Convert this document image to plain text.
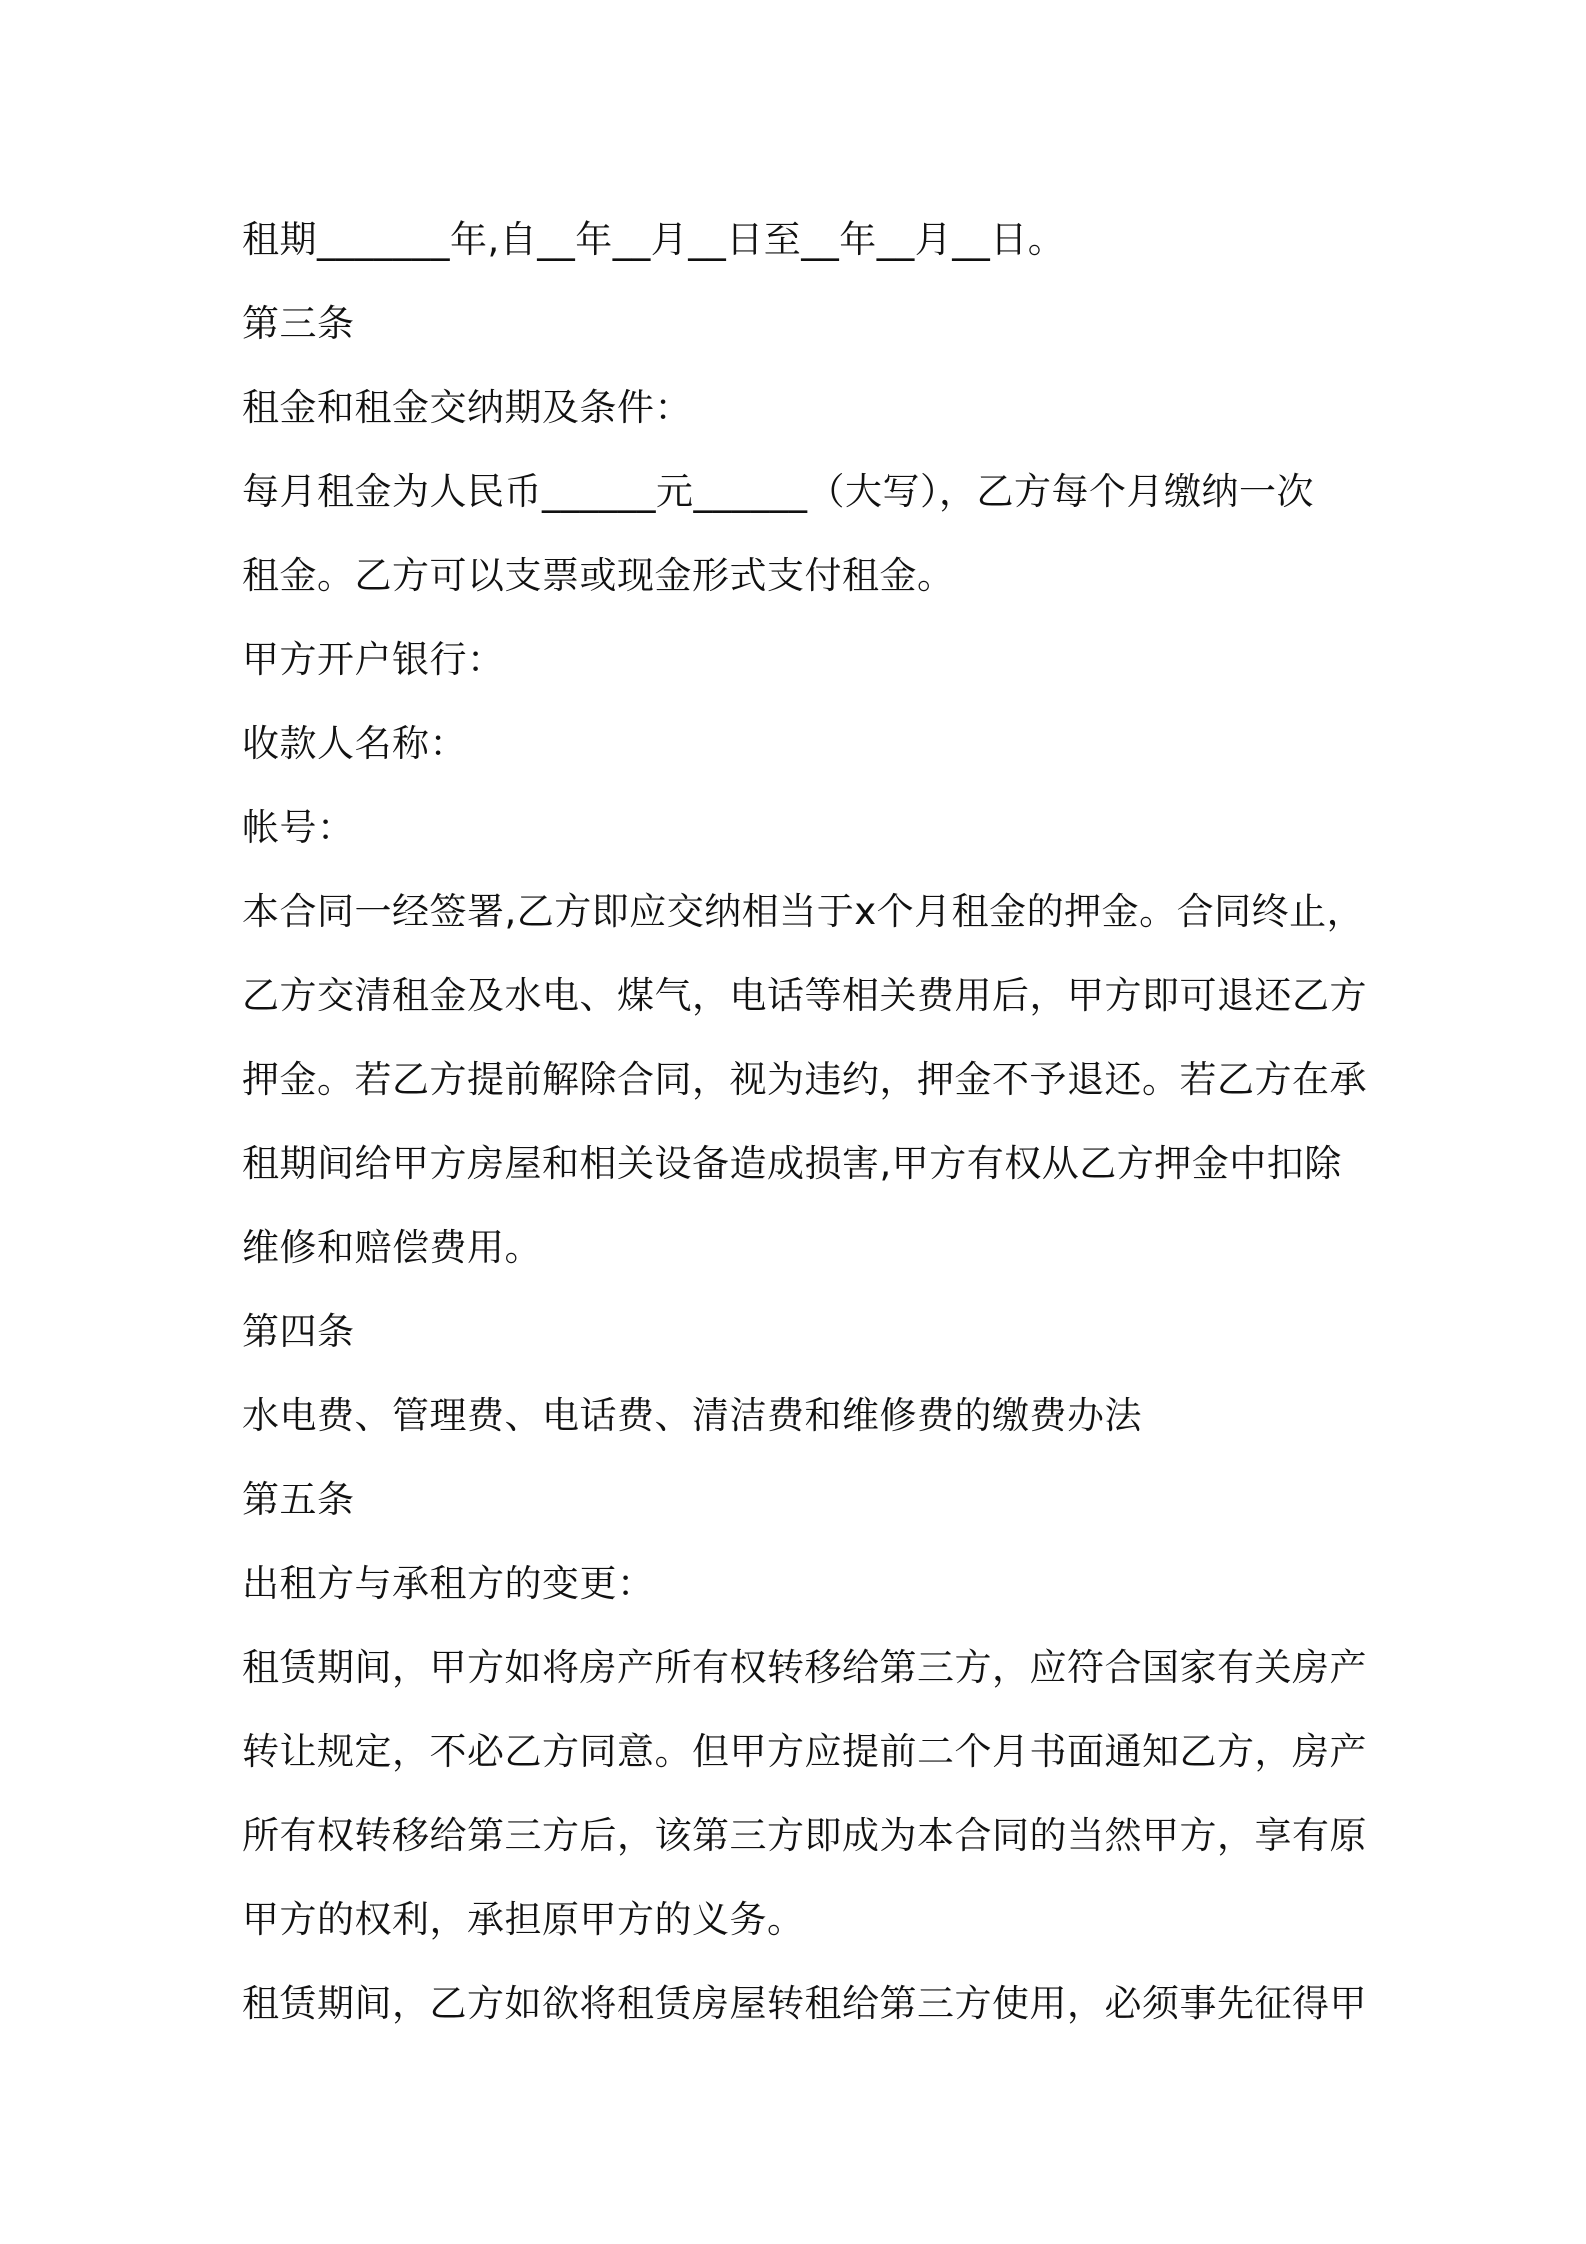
租期_______年,自__年__月__日至__年__月__日。
第三条
租金和租金交纳期及条件：
每月租金为人民币______元______（大写），乙方每个月缴纳一次
租金。乙方可以支票或现金形式支付租金。
甲方开户银行：
收款人名称：
帐号：
本合同一经签署,乙方即应交纳相当于x个月租金的押金。合同终止，
乙方交清租金及水电、煤气，电话等相关费用后，甲方即可退还乙方
押金。若乙方提前解除合同，视为违约，押金不予退还。若乙方在承
租期间给甲方房屋和相关设备造成损害,甲方有权从乙方押金中扣除
维修和赔偿费用。
第四条
水电费、管理费、电话费、清洁费和维修费的缴费办法
第五条
出租方与承租方的变更：
租赁期间，甲方如将房产所有权转移给第三方，应符合国家有关房产
转让规定，不必乙方同意。但甲方应提前二个月书面通知乙方，房产
所有权转移给第三方后，该第三方即成为本合同的当然甲方，享有原
甲方的权利，承担原甲方的义务。
租赁期间，乙方如欲将租赁房屋转租给第三方使用，必须事先征得甲
